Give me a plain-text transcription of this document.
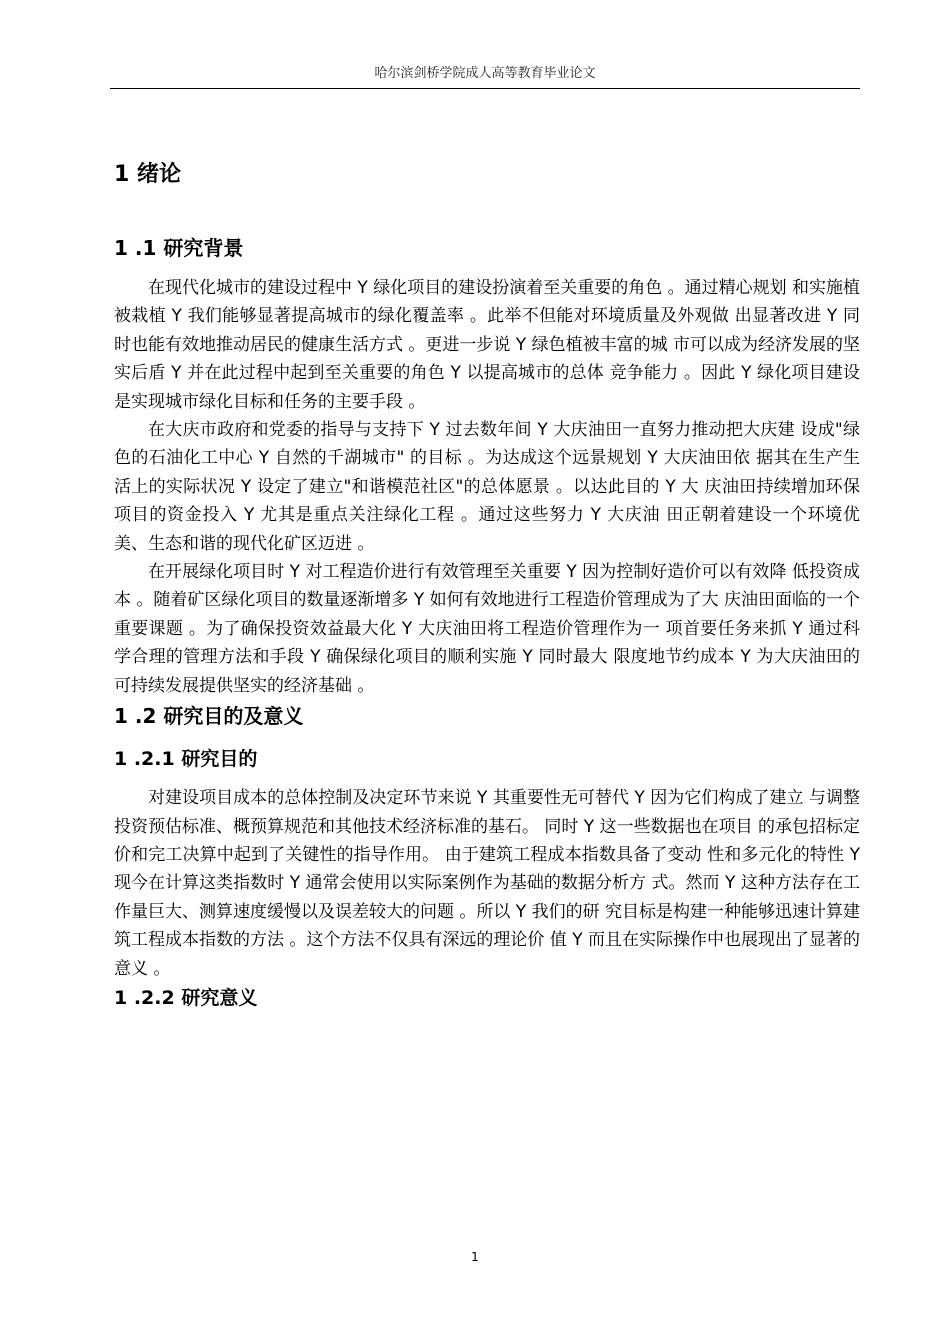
哈尔滨剑桥学院成人高等教育毕业论文
1 绪论
1 .1 研究背景

在现代化城市的建设过程中 Y 绿化项目的建设扮演着至关重要的角色 。通过精心规划 和实施植被栽植 Y 我们能够显著提高城市的绿化覆盖率 。此举不但能对环境质量及外观做 出显著改进 Y 同时也能有效地推动居民的健康生活方式 。更进一步说 Y 绿色植被丰富的城 市可以成为经济发展的坚实后盾 Y 并在此过程中起到至关重要的角色 Y 以提高城市的总体 竞争能力 。因此 Y 绿化项目建设是实现城市绿化目标和任务的主要手段 。

在大庆市政府和党委的指导与支持下 Y 过去数年间 Y 大庆油田一直努力推动把大庆建 设成"绿色的石油化工中心 Y 自然的千湖城市" 的目标 。为达成这个远景规划 Y 大庆油田依 据其在生产生活上的实际状况 Y 设定了建立"和谐模范社区"的总体愿景 。以达此目的 Y 大 庆油田持续增加环保项目的资金投入 Y 尤其是重点关注绿化工程 。通过这些努力 Y 大庆油 田正朝着建设一个环境优美、生态和谐的现代化矿区迈进 。

在开展绿化项目时 Y 对工程造价进行有效管理至关重要 Y 因为控制好造价可以有效降 低投资成本 。随着矿区绿化项目的数量逐渐增多 Y 如何有效地进行工程造价管理成为了大 庆油田面临的一个重要课题 。为了确保投资效益最大化 Y 大庆油田将工程造价管理作为一 项首要任务来抓 Y 通过科学合理的管理方法和手段 Y 确保绿化项目的顺利实施 Y 同时最大 限度地节约成本 Y 为大庆油田的可持续发展提供坚实的经济基础 。

1 .2 研究目的及意义
1 .2.1 研究目的

对建设项目成本的总体控制及决定环节来说 Y 其重要性无可替代 Y 因为它们构成了建立 与调整投资预估标准、概预算规范和其他技术经济标准的基石。 同时 Y 这一些数据也在项目 的承包招标定价和完工决算中起到了关键性的指导作用。 由于建筑工程成本指数具备了变动 性和多元化的特性 Y 现今在计算这类指数时 Y 通常会使用以实际案例作为基础的数据分析方 式。然而 Y 这种方法存在工作量巨大、测算速度缓慢以及误差较大的问题 。所以 Y 我们的研 究目标是构建一种能够迅速计算建筑工程成本指数的方法 。这个方法不仅具有深远的理论价 值 Y 而且在实际操作中也展现出了显著的意义 。

1 .2.2 研究意义
1
